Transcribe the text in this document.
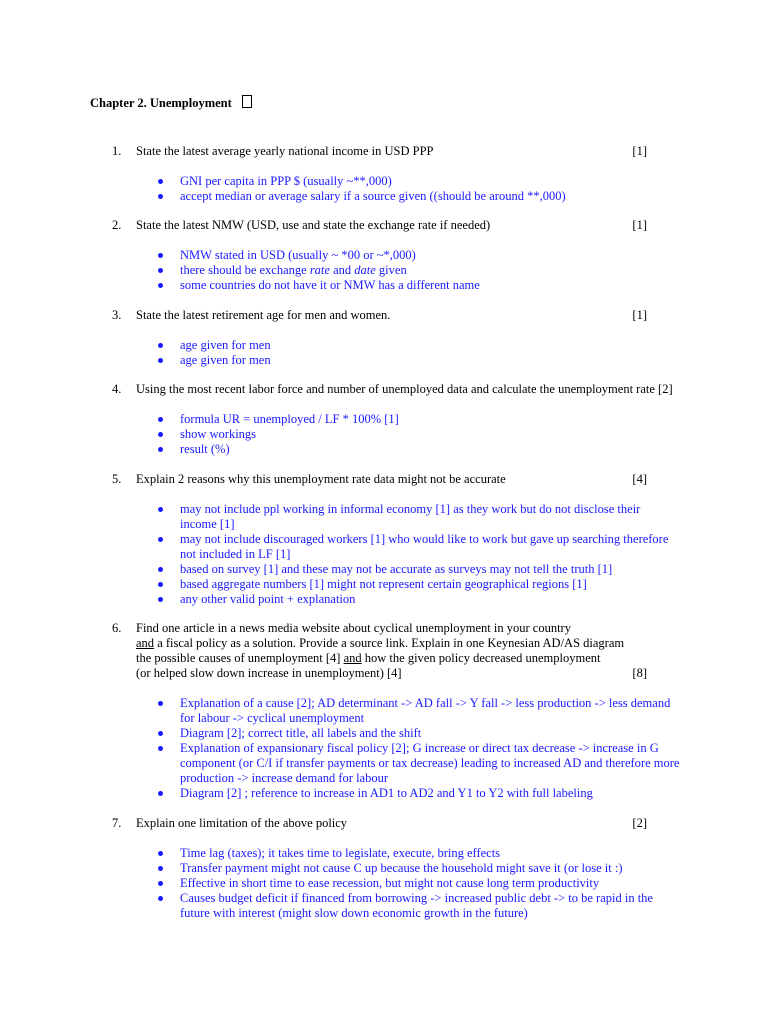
Chapter 2. Unemployment
1. State the latest average yearly national income in USD PPP	[1]
GNI per capita in PPP $ (usually ~**,000)
accept median or average salary if a source given ((should be around **,000)
2. State the latest NMW (USD, use and state the exchange rate if needed)	[1]
NMW stated in USD (usually ~ *00 or ~*,000)
there should be exchange rate and date given
some countries do not have it or NMW has a different name
3. State the latest retirement age for men and women.	[1]
age given for men
age given for men
4. Using the most recent labor force and number of unemployed data and calculate the unemployment rate [2]
formula UR = unemployed / LF * 100% [1]
show workings
result (%)
5. Explain 2 reasons why this unemployment rate data might not be accurate	[4]
may not include ppl working in informal economy [1] as they work but do not disclose their income [1]
may not include discouraged workers [1] who would like to work but gave up searching therefore not included in LF [1]
based on survey [1] and these may not be accurate as surveys may not tell the truth [1]
based aggregate numbers [1] might not represent certain geographical regions [1]
any other valid point + explanation
6. Find one article in a news media website about cyclical unemployment in your country
and a fiscal policy as a solution. Provide a source link. Explain in one Keynesian AD/AS diagram
the possible causes of unemployment [4] and how the given policy decreased unemployment
(or helped slow down increase in unemployment) [4]	[8]
Explanation of a cause [2]; AD determinant -> AD fall -> Y fall -> less production -> less demand for labour -> cyclical unemployment
Diagram [2]; correct title, all labels and the shift
Explanation of expansionary fiscal policy [2]; G increase or direct tax decrease -> increase in G component (or C/I if transfer payments or tax decrease) leading to increased AD and therefore more production -> increase demand for labour
Diagram [2] ; reference to increase in AD1 to AD2 and Y1 to Y2 with full labeling
7. Explain one limitation of the above policy	[2]
Time lag (taxes); it takes time to legislate, execute, bring effects
Transfer payment might not cause C up because the household might save it (or lose it :)
Effective in short time to ease recession, but might not cause long term productivity
Causes budget deficit if financed from borrowing -> increased public debt -> to be rapid in the future with interest (might slow down economic growth in the future)
